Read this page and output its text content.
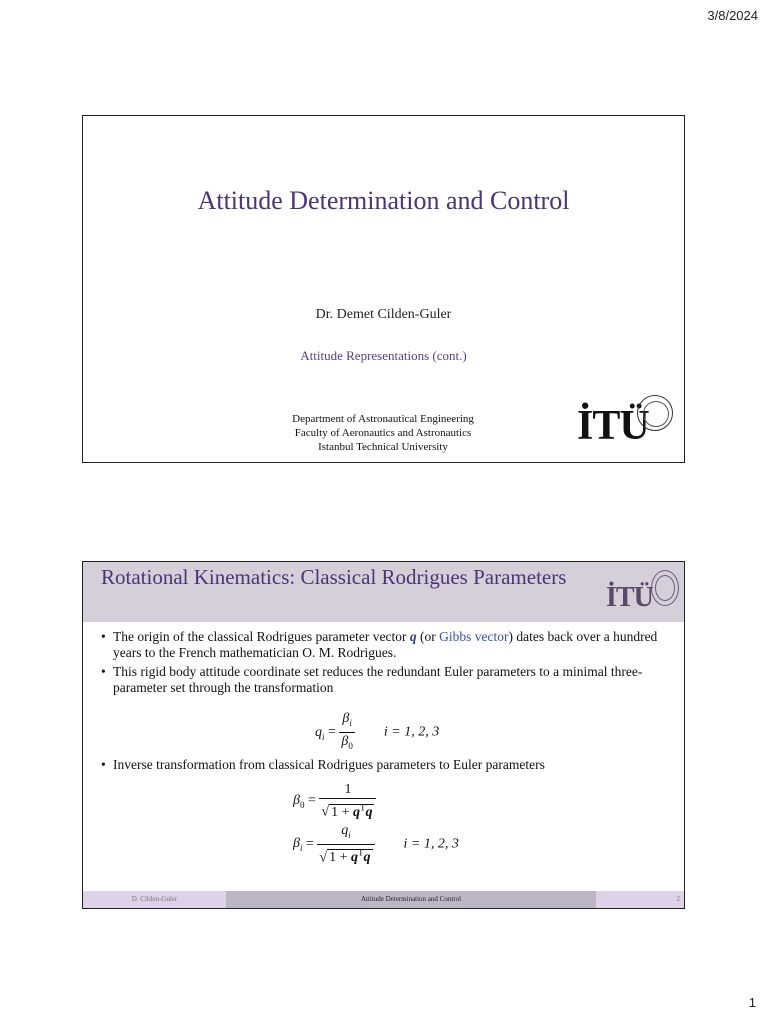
3/8/2024
Attitude Determination and Control
Dr. Demet Cilden-Guler
Attitude Representations (cont.)
Department of Astronautical Engineering
Faculty of Aeronautics and Astronautics
Istanbul Technical University	İTÜ
Rotational Kinematics: Classical Rodrigues Parameters
İTÜ
• The origin of the classical Rodrigues parameter vector q (or Gibbs vector) dates back over a hundred years to the French mathematician O. M. Rodrigues.
• This rigid body attitude coordinate set reduces the redundant Euler parameters to a minimal three-parameter set through the transformation
$q_i = \frac{\beta_i}{\beta_0}$ i = 1, 2, 3
• Inverse transformation from classical Rodrigues parameters to Euler parameters
$\beta_0 = \frac{1}{√ 1 + q^Tq}$
$\beta_i = \frac{q_i}{√ 1 + q^Tq}$ i = 1, 2, 3
D. Cilden-Guler	Attitude Determination and Control	2
1
